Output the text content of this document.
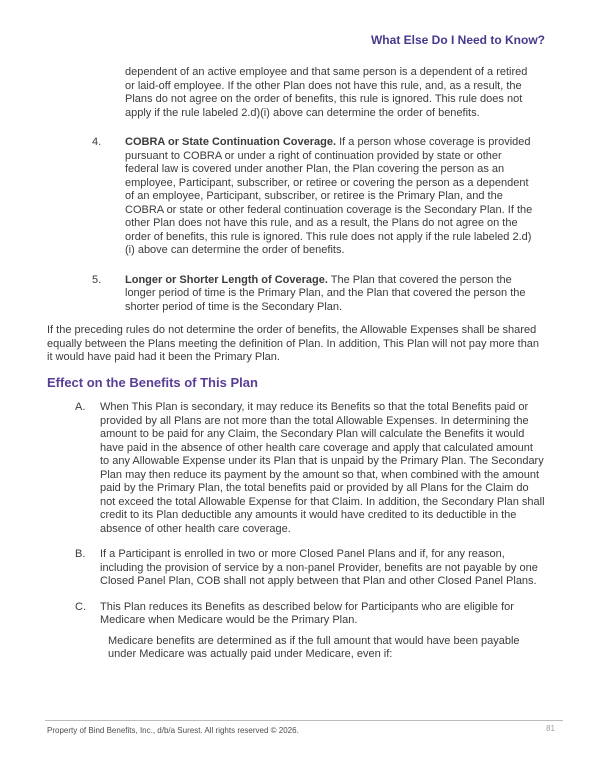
What Else Do I Need to Know?

dependent of an active employee and that same person is a dependent of a retired or laid-off employee. If the other Plan does not have this rule, and, as a result, the Plans do not agree on the order of benefits, this rule is ignored. This rule does not apply if the rule labeled 2.d)(i) above can determine the order of benefits.

4.	COBRA or State Continuation Coverage. If a person whose coverage is provided pursuant to COBRA or under a right of continuation provided by state or other federal law is covered under another Plan, the Plan covering the person as an employee, Participant, subscriber, or retiree or covering the person as a dependent of an employee, Participant, subscriber, or retiree is the Primary Plan, and the COBRA or state or other federal continuation coverage is the Secondary Plan. If the other Plan does not have this rule, and as a result, the Plans do not agree on the order of benefits, this rule is ignored. This rule does not apply if the rule labeled 2.d)(i) above can determine the order of benefits.

5.	Longer or Shorter Length of Coverage. The Plan that covered the person the longer period of time is the Primary Plan, and the Plan that covered the person the shorter period of time is the Secondary Plan.

If the preceding rules do not determine the order of benefits, the Allowable Expenses shall be shared equally between the Plans meeting the definition of Plan. In addition, This Plan will not pay more than it would have paid had it been the Primary Plan.

Effect on the Benefits of This Plan
A.	When This Plan is secondary, it may reduce its Benefits so that the total Benefits paid or provided by all Plans are not more than the total Allowable Expenses. In determining the amount to be paid for any Claim, the Secondary Plan will calculate the Benefits it would have paid in the absence of other health care coverage and apply that calculated amount to any Allowable Expense under its Plan that is unpaid by the Primary Plan. The Secondary Plan may then reduce its payment by the amount so that, when combined with the amount paid by the Primary Plan, the total benefits paid or provided by all Plans for the Claim do not exceed the total Allowable Expense for that Claim. In addition, the Secondary Plan shall credit to its Plan deductible any amounts it would have credited to its deductible in the absence of other health care coverage.

B.	If a Participant is enrolled in two or more Closed Panel Plans and if, for any reason, including the provision of service by a non-panel Provider, benefits are not payable by one Closed Panel Plan, COB shall not apply between that Plan and other Closed Panel Plans.

C.	This Plan reduces its Benefits as described below for Participants who are eligible for Medicare when Medicare would be the Primary Plan.

Medicare benefits are determined as if the full amount that would have been payable under Medicare was actually paid under Medicare, even if:

Property of Bind Benefits, Inc., d/b/a Surest. All rights reserved © 2026.	81
